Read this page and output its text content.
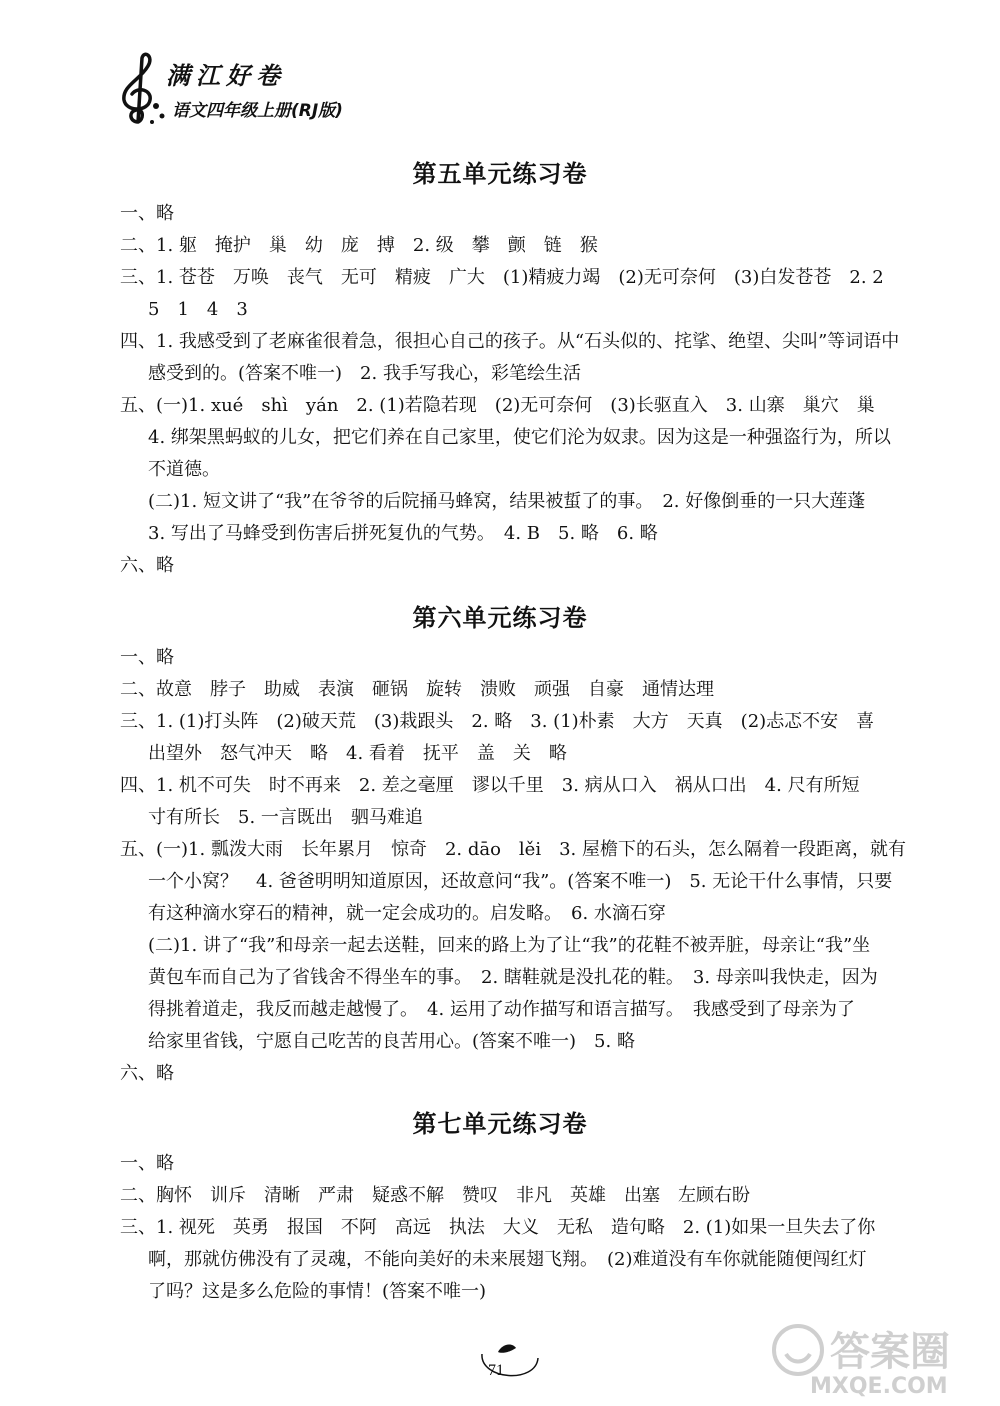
满江好卷
语文四年级上册(RJ版)
第五单元练习卷
一、略
二、1. 躯　掩护　巢　幼　庞　搏　2. 级　攀　颤　链　猴
三、1. 苍苍　万唤　丧气　无可　精疲　广大　(1)精疲力竭　(2)无可奈何　(3)白发苍苍　2. 2
5　1　4　3
四、1. 我感受到了老麻雀很着急，很担心自己的孩子。从“石头似的、挓挲、绝望、尖叫”等词语中
感受到的。(答案不唯一)　2. 我手写我心，彩笔绘生活
五、(一)1. xué　shì　yán　2. (1)若隐若现　(2)无可奈何　(3)长驱直入　3. 山寨　巢穴　巢
4. 绑架黑蚂蚁的儿女，把它们养在自己家里，使它们沦为奴隶。因为这是一种强盗行为，所以
不道德。
(二)1. 短文讲了“我”在爷爷的后院捅马蜂窝，结果被蜇了的事。　2. 好像倒垂的一只大莲蓬
3. 写出了马蜂受到伤害后拼死复仇的气势。　4. B　5. 略　6. 略
六、略
第六单元练习卷
一、略
二、故意　脖子　助威　表演　砸锅　旋转　溃败　顽强　自豪　通情达理
三、1. (1)打头阵　(2)破天荒　(3)栽跟头　2. 略　3. (1)朴素　大方　天真　(2)忐忑不安　喜
出望外　怒气冲天　略　4. 看着　抚平　盖　关　略
四、1. 机不可失　时不再来　2. 差之毫厘　谬以千里　3. 病从口入　祸从口出　4. 尺有所短
寸有所长　5. 一言既出　驷马难追
五、(一)1. 瓢泼大雨　长年累月　惊奇　2. dāo　lěi　3. 屋檐下的石头，怎么隔着一段距离，就有
一个小窝？　4. 爸爸明明知道原因，还故意问“我”。(答案不唯一)　5. 无论干什么事情，只要
有这种滴水穿石的精神，就一定会成功的。启发略。　6. 水滴石穿
(二)1. 讲了“我”和母亲一起去送鞋，回来的路上为了让“我”的花鞋不被弄脏，母亲让“我”坐
黄包车而自己为了省钱舍不得坐车的事。　2. 瞎鞋就是没扎花的鞋。　3. 母亲叫我快走，因为
得挑着道走，我反而越走越慢了。　4. 运用了动作描写和语言描写。　我感受到了母亲为了
给家里省钱，宁愿自己吃苦的良苦用心。(答案不唯一)　5. 略
六、略
第七单元练习卷
一、略
二、胸怀　训斥　清晰　严肃　疑惑不解　赞叹　非凡　英雄　出塞　左顾右盼
三、1. 视死　英勇　报国　不阿　高远　执法　大义　无私　造句略　2. (1)如果一旦失去了你
啊，那就仿佛没有了灵魂，不能向美好的未来展翅飞翔。　(2)难道没有车你就能随便闯红灯
了吗？这是多么危险的事情！(答案不唯一)
71	答案圈
MXQE.COM
